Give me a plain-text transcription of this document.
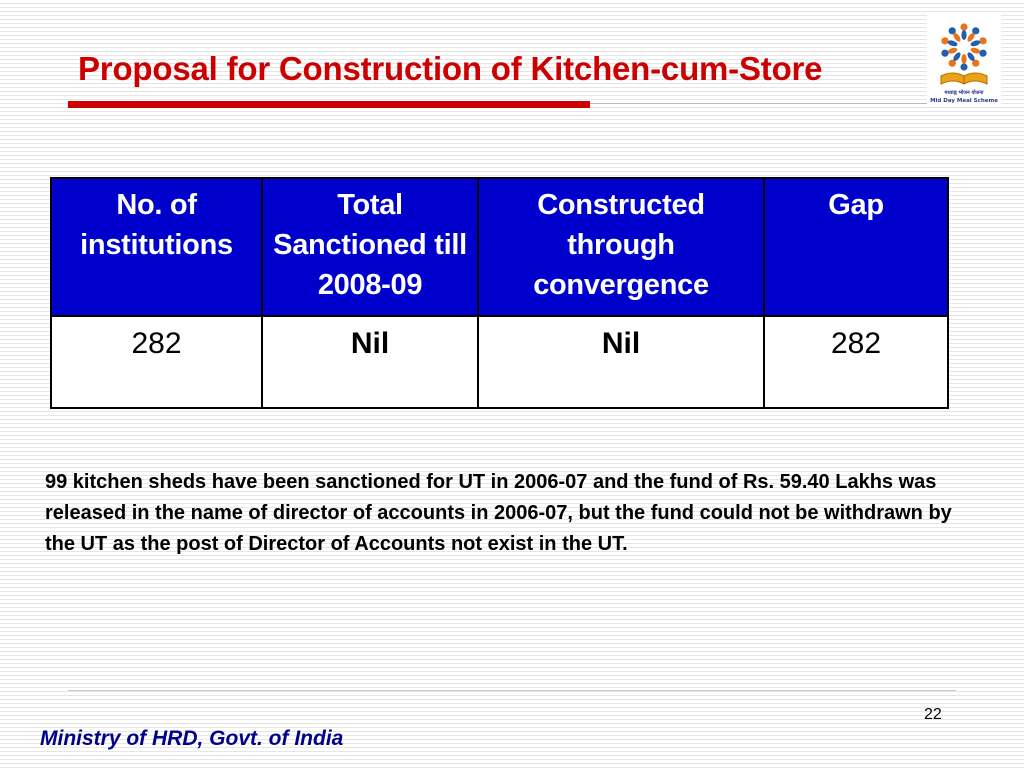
Proposal for Construction of Kitchen-cum-Store
मध्याह्न भोजन योजना
Mid Day Meal Scheme
No. of institutions	Total Sanctioned till 2008-09	Constructed through convergence	Gap
282	Nil	Nil	282

99 kitchen sheds have been sanctioned for UT in 2006-07 and the fund of Rs. 59.40 Lakhs was released in the name of director of accounts in 2006-07, but the fund could not be withdrawn by the UT as the post of Director of Accounts not exist in the UT.

22
Ministry of HRD, Govt. of India
